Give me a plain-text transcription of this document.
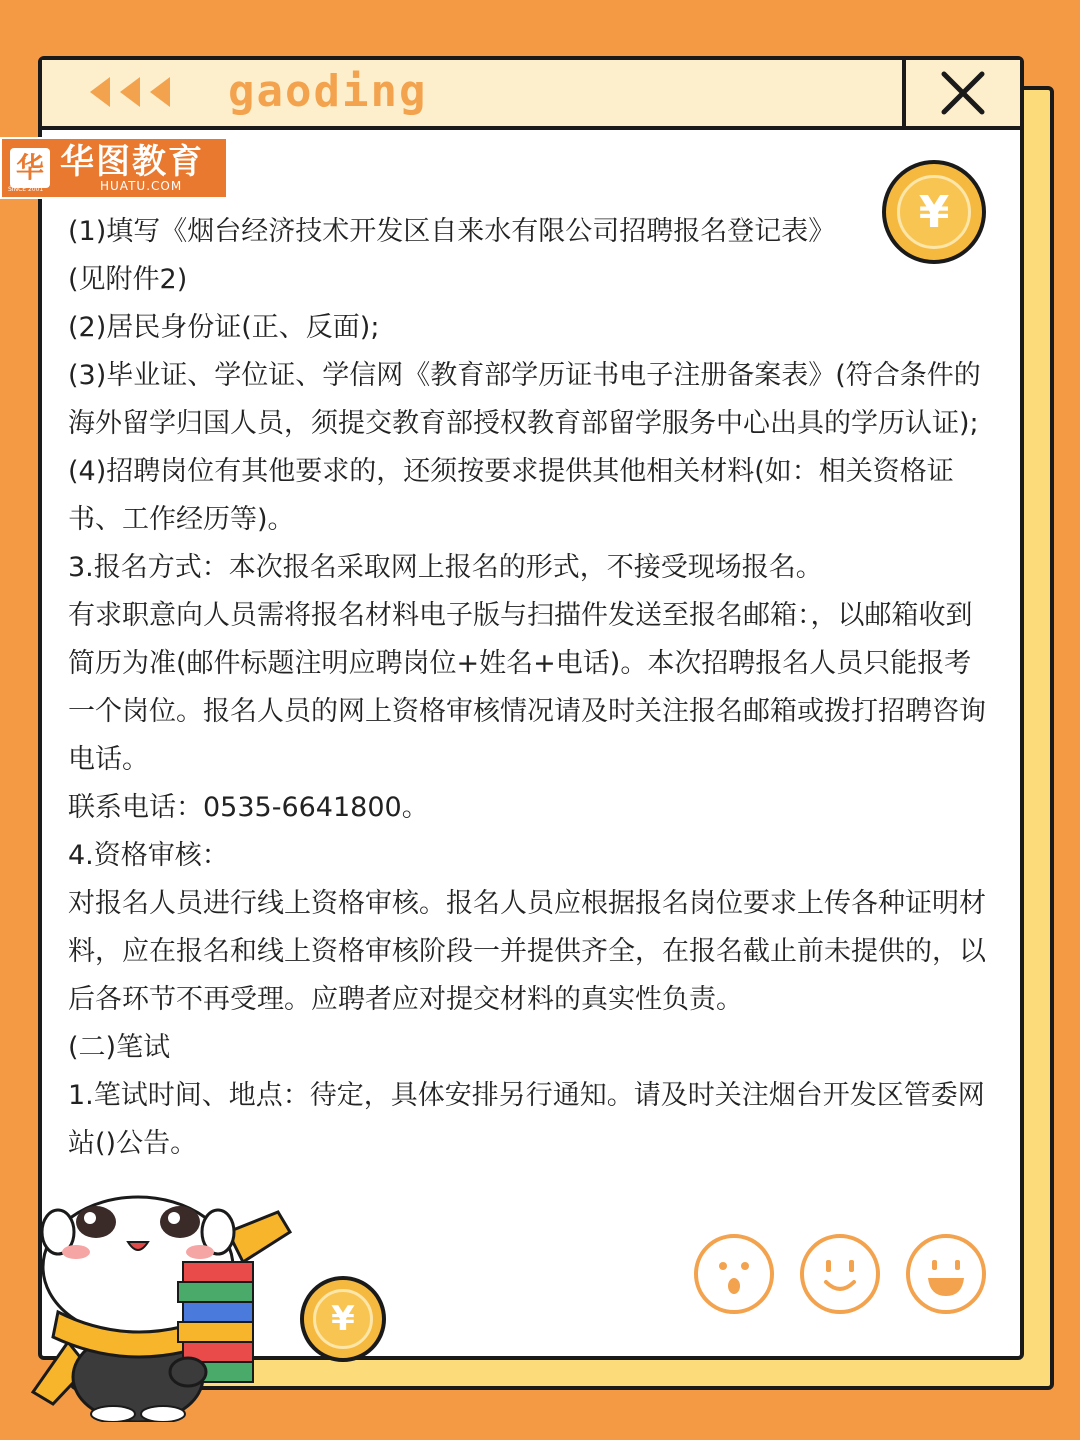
gaoding
华 华图教育
HUATU.COM
SINCE 2001	¥

(1)填写《烟台经济技术开发区自来水有限公司招聘报名登记表》(见附件2)

(2)居民身份证(正、反面);

(3)毕业证、学位证、学信网《教育部学历证书电子注册备案表》(符合条件的海外留学归国人员，须提交教育部授权教育部留学服务中心出具的学历认证);

(4)招聘岗位有其他要求的，还须按要求提供其他相关材料(如：相关资格证书、工作经历等)。

3.报名方式：本次报名采取网上报名的形式，不接受现场报名。

有求职意向人员需将报名材料电子版与扫描件发送至报名邮箱：，以邮箱收到简历为准(邮件标题注明应聘岗位+姓名+电话)。本次招聘报名人员只能报考一个岗位。报名人员的网上资格审核情况请及时关注报名邮箱或拨打招聘咨询电话。

联系电话：0535-6641800。

4.资格审核：

对报名人员进行线上资格审核。报名人员应根据报名岗位要求上传各种证明材料，应在报名和线上资格审核阶段一并提供齐全，在报名截止前未提供的，以后各环节不再受理。应聘者应对提交材料的真实性负责。

(二)笔试

1.笔试时间、地点：待定，具体安排另行通知。请及时关注烟台开发区管委网站()公告。

¥
